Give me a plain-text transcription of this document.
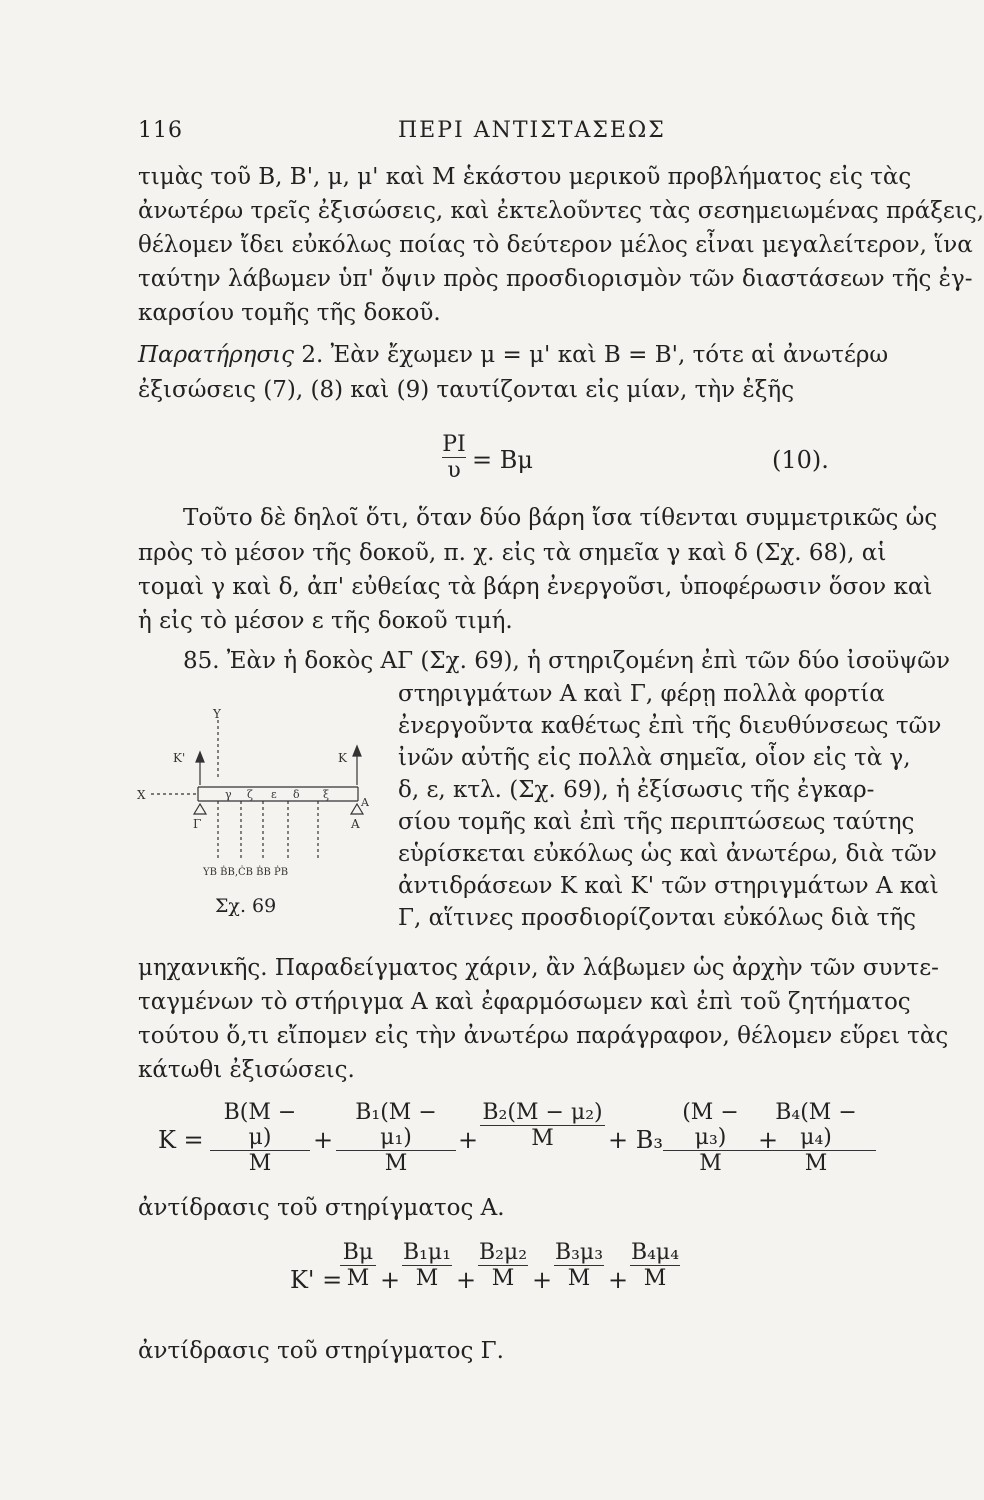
116	ΠΕΡΙ ΑΝΤΙΣΤΑΣΕΩΣ
τιμὰς τοῦ B, B', μ, μ' καὶ M ἑκάστου μερικοῦ προβλήματος εἰς τὰς
ἀνωτέρω τρεῖς ἐξισώσεις, καὶ ἐκτελοῦντες τὰς σεσημειωμένας πράξεις,
θέλομεν ἴδει εὐκόλως ποίας τὸ δεύτερον μέλος εἶναι μεγαλείτερον, ἵνα
ταύτην λάβωμεν ὑπ' ὄψιν πρὸς προσδιορισμὸν τῶν διαστάσεων τῆς ἐγ-
καρσίου τομῆς τῆς δοκοῦ.
Παρατήρησις 2. Ἐὰν ἔχωμεν μ = μ' καὶ B = B', τότε αἱ ἀνωτέρω
ἐξισώσεις (7), (8) καὶ (9) ταυτίζονται εἰς μίαν, τὴν ἑξῆς
$\frac{PI}{\upsilon} = B\mu$	(10).
Τοῦτο δὲ δηλοῖ ὅτι, ὅταν δύο βάρη ἴσα τίθενται συμμετρικῶς ὡς
πρὸς τὸ μέσον τῆς δοκοῦ, π. χ. εἰς τὰ σημεῖα γ καὶ δ (Σχ. 68), αἱ
τομαὶ γ καὶ δ, ἀπ' εὐθείας τὰ βάρη ἐνεργοῦσι, ὑποφέρωσιν ὅσον καὶ
ἡ εἰς τὸ μέσον ε τῆς δοκοῦ τιμή.
85. Ἐὰν ἡ δοκὸς AΓ (Σχ. 69), ἡ στηριζομένη ἐπὶ τῶν δύο ἰσοϋψῶν
στηριγμάτων A καὶ Γ, φέρῃ πολλὰ φορτία
ἐνεργοῦντα καθέτως ἐπὶ τῆς διευθύνσεως τῶν
ἰνῶν αὐτῆς εἰς πολλὰ σημεῖα, οἷον εἰς τὰ γ,
δ, ε, κτλ. (Σχ. 69), ἡ ἐξίσωσις τῆς ἐγκαρ-
σίου τομῆς καὶ ἐπὶ τῆς περιπτώσεως ταύτης
εὑρίσκεται εὐκόλως ὡς καὶ ἀνωτέρω, διὰ τῶν
ἀντιδράσεων K καὶ K' τῶν στηριγμάτων A καὶ
Γ, αἵτινες προσδιορίζονται εὐκόλως διὰ τῆς
Y
K'	K
X
A
Γ	A
γ ζ ε δ ξ
YB ḂB,ĊB ḂB ṖB
Σχ. 69
μηχανικῆς. Παραδείγματος χάριν, ἂν λάβωμεν ὡς ἀρχὴν τῶν συντε-
ταγμένων τὸ στήριγμα A καὶ ἐφαρμόσωμεν καὶ ἐπὶ τοῦ ζητήματος
τούτου ὅ,τι εἴπομεν εἰς τὴν ἀνωτέρω παράγραφον, θέλομεν εὕρει τὰς
κάτωθι ἐξισώσεις.
$K = \frac{B(M - \mu)}{M} + \frac{\text{B₁(M − μ₁)}}{M} + \frac{\text{B₂(M − μ₂)}}{M} + B_3 \frac{\text{(M − μ₃)}}{M}$ +
$\frac{\text{B₄(M − μ₄)}}{M}$
ἀντίδρασις τοῦ στηρίγματος A.
K' =
$\frac{B\mu}{M} + \frac{\text{B₁μ₁}}{M} + \frac{\text{B₂μ₂}}{M} + \frac{\text{B₃μ₃}}{M} + \frac{\text{B₄μ₄}}{M}$
ἀντίδρασις τοῦ στηρίγματος Γ.
